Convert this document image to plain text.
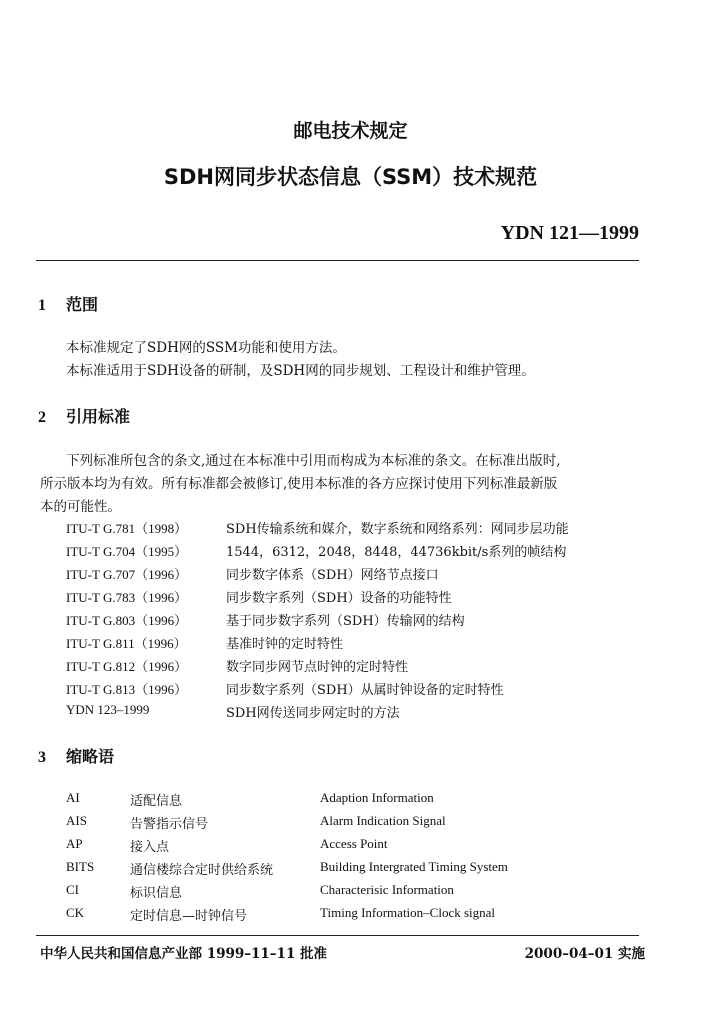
邮电技术规定
SDH网同步状态信息（SSM）技术规范
YDN 121—1999
1 范围
本标准规定了SDH网的SSM功能和使用方法。
本标准适用于SDH设备的研制，及SDH网的同步规划、工程设计和维护管理。
2 引用标准
下列标准所包含的条文,通过在本标准中引用而构成为本标准的条文。在标准出版时,
所示版本均为有效。所有标准都会被修订,使用本标准的各方应探讨使用下列标准最新版
本的可能性。
ITU-T G.781（1998）	SDH传输系统和媒介，数字系统和网络系列：网同步层功能
ITU-T G.704（1995）	1544，6312，2048，8448，44736kbit/s系列的帧结构
ITU-T G.707（1996）	同步数字体系（SDH）网络节点接口
ITU-T G.783（1996）	同步数字系列（SDH）设备的功能特性
ITU-T G.803（1996）	基于同步数字系列（SDH）传输网的结构
ITU-T G.811（1996）	基准时钟的定时特性
ITU-T G.812（1996）	数字同步网节点时钟的定时特性
ITU-T G.813（1996）	同步数字系列（SDH）从属时钟设备的定时特性
YDN 123–1999	SDH网传送同步网定时的方法
3 缩略语
AI	适配信息	Adaption Information
AIS	告警指示信号	Alarm Indication Signal
AP	接入点	Access Point
BITS	通信楼综合定时供给系统	Building Intergrated Timing System
CI	标识信息	Characterisic Information
CK	定时信息—时钟信号	Timing Information–Clock signal
中华人民共和国信息产业部 1999–11–11 批准	2000–04–01 实施
